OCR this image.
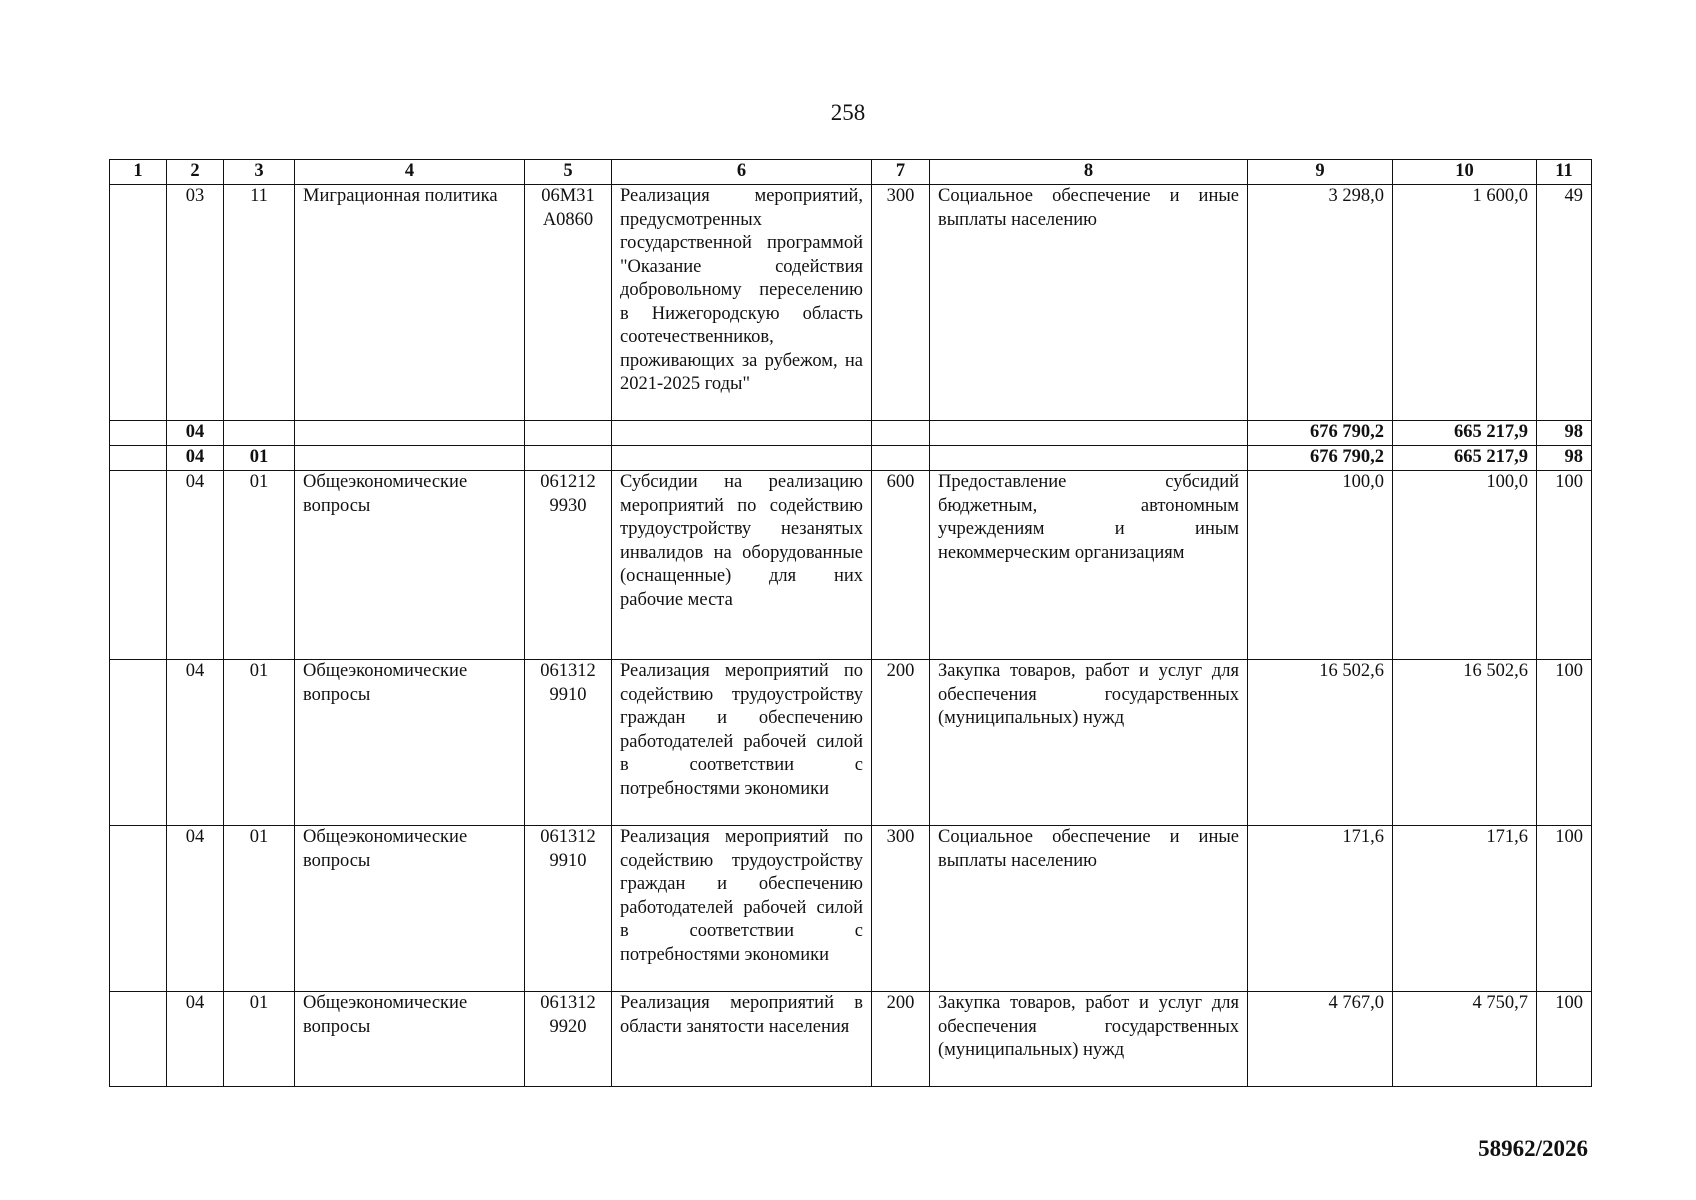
258
1	2	3	4	5	6	7	8	9	10	11
	03	11	Миграционная политика	06М31 А0860	Реализация мероприятий, предусмотренных государственной программой "Оказание содействия добровольному переселению в Нижегородскую область соотечественников, проживающих за рубежом, на 2021-2025 годы"	300	Социальное обеспечение и иные выплаты населению	3 298,0	1 600,0	49
	04							676 790,2	665 217,9	98
	04	01						676 790,2	665 217,9	98
	04	01	Общеэкономические вопросы	061212 9930	Субсидии на реализацию мероприятий по содействию трудоустройству незанятых инвалидов на оборудованные (оснащенные) для них рабочие места	600	Предоставление субсидий бюджетным, автономным учреждениям и иным некоммерческим организациям	100,0	100,0	100
	04	01	Общеэкономические вопросы	061312 9910	Реализация мероприятий по содействию трудоустройству граждан и обеспечению работодателей рабочей силой в соответствии с потребностями экономики	200	Закупка товаров, работ и услуг для обеспечения государственных (муниципальных) нужд	16 502,6	16 502,6	100
	04	01	Общеэкономические вопросы	061312 9910	Реализация мероприятий по содействию трудоустройству граждан и обеспечению работодателей рабочей силой в соответствии с потребностями экономики	300	Социальное обеспечение и иные выплаты населению	171,6	171,6	100
	04	01	Общеэкономические вопросы	061312 9920	Реализация мероприятий в области занятости населения	200	Закупка товаров, работ и услуг для обеспечения государственных (муниципальных) нужд	4 767,0	4 750,7	100
58962/2026
